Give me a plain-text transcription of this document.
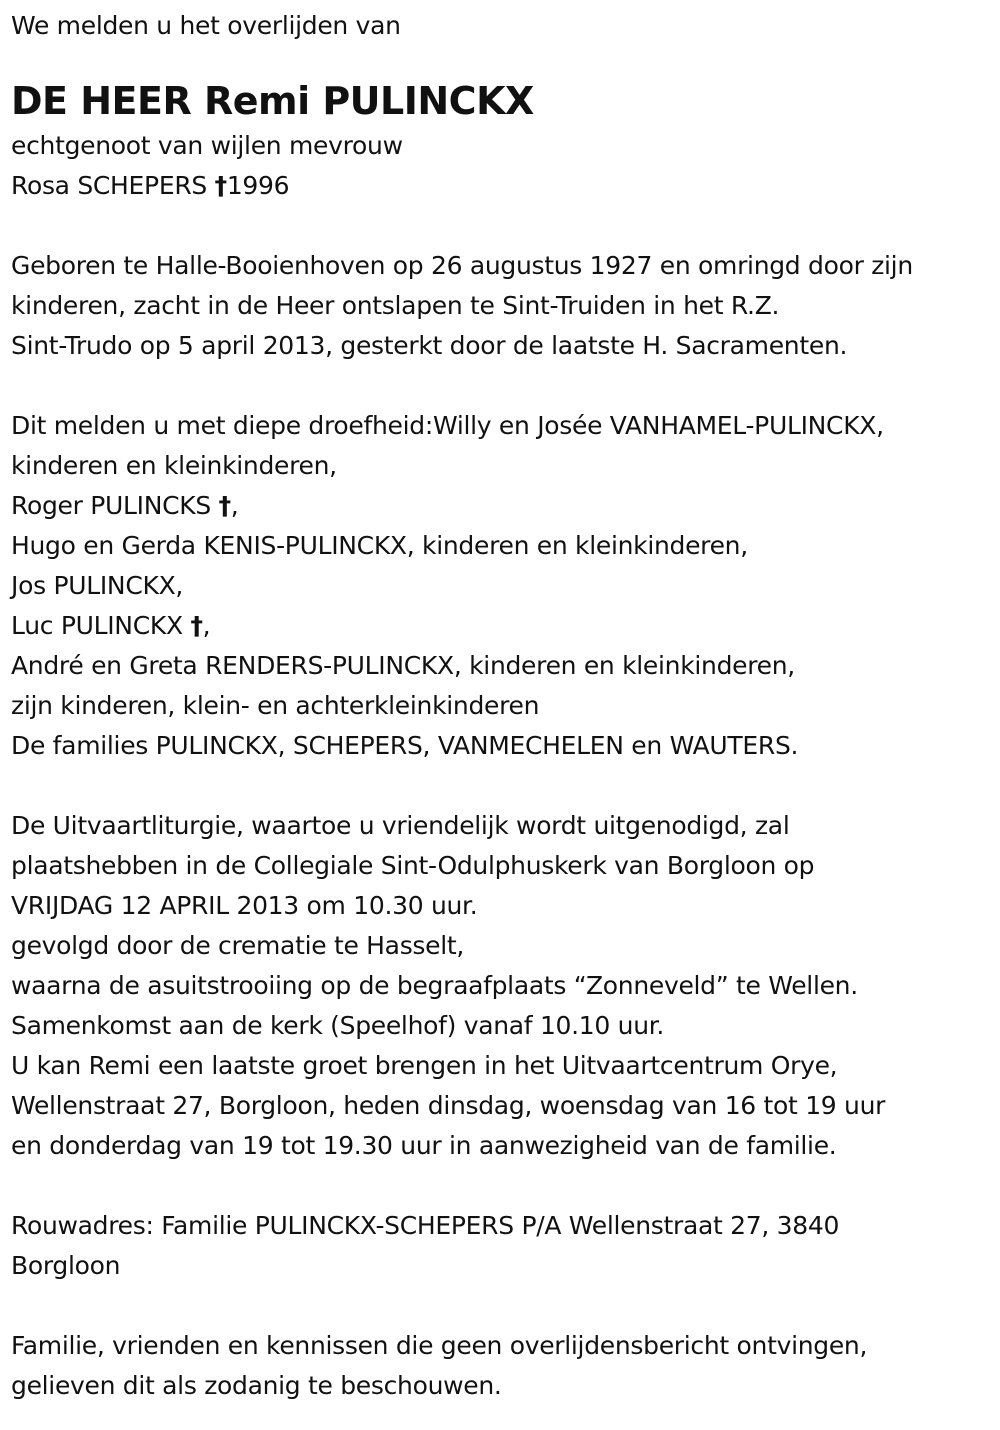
We melden u het overlijden van
DE HEER Remi PULINCKX
echtgenoot van wijlen mevrouw
Rosa SCHEPERS †1996
Geboren te Halle-Booienhoven op 26 augustus 1927 en omringd door zijn
kinderen, zacht in de Heer ontslapen te Sint-Truiden in het R.Z.
Sint-Trudo op 5 april 2013, gesterkt door de laatste H. Sacramenten.
Dit melden u met diepe droefheid:Willy en Josée VANHAMEL-PULINCKX,
kinderen en kleinkinderen,
Roger PULINCKS †,
Hugo en Gerda KENIS-PULINCKX, kinderen en kleinkinderen,
Jos PULINCKX,
Luc PULINCKX †,
André en Greta RENDERS-PULINCKX, kinderen en kleinkinderen,
zijn kinderen, klein- en achterkleinkinderen
De families PULINCKX, SCHEPERS, VANMECHELEN en WAUTERS.
De Uitvaartliturgie, waartoe u vriendelijk wordt uitgenodigd, zal
plaatshebben in de Collegiale Sint-Odulphuskerk van Borgloon op
VRIJDAG 12 APRIL 2013 om 10.30 uur.
gevolgd door de crematie te Hasselt,
waarna de asuitstrooiing op de begraafplaats “Zonneveld” te Wellen.
Samenkomst aan de kerk (Speelhof) vanaf 10.10 uur.
U kan Remi een laatste groet brengen in het Uitvaartcentrum Orye,
Wellenstraat 27, Borgloon, heden dinsdag, woensdag van 16 tot 19 uur
en donderdag van 19 tot 19.30 uur in aanwezigheid van de familie.
Rouwadres: Familie PULINCKX-SCHEPERS P/A Wellenstraat 27, 3840
Borgloon
Familie, vrienden en kennissen die geen overlijdensbericht ontvingen,
gelieven dit als zodanig te beschouwen.
